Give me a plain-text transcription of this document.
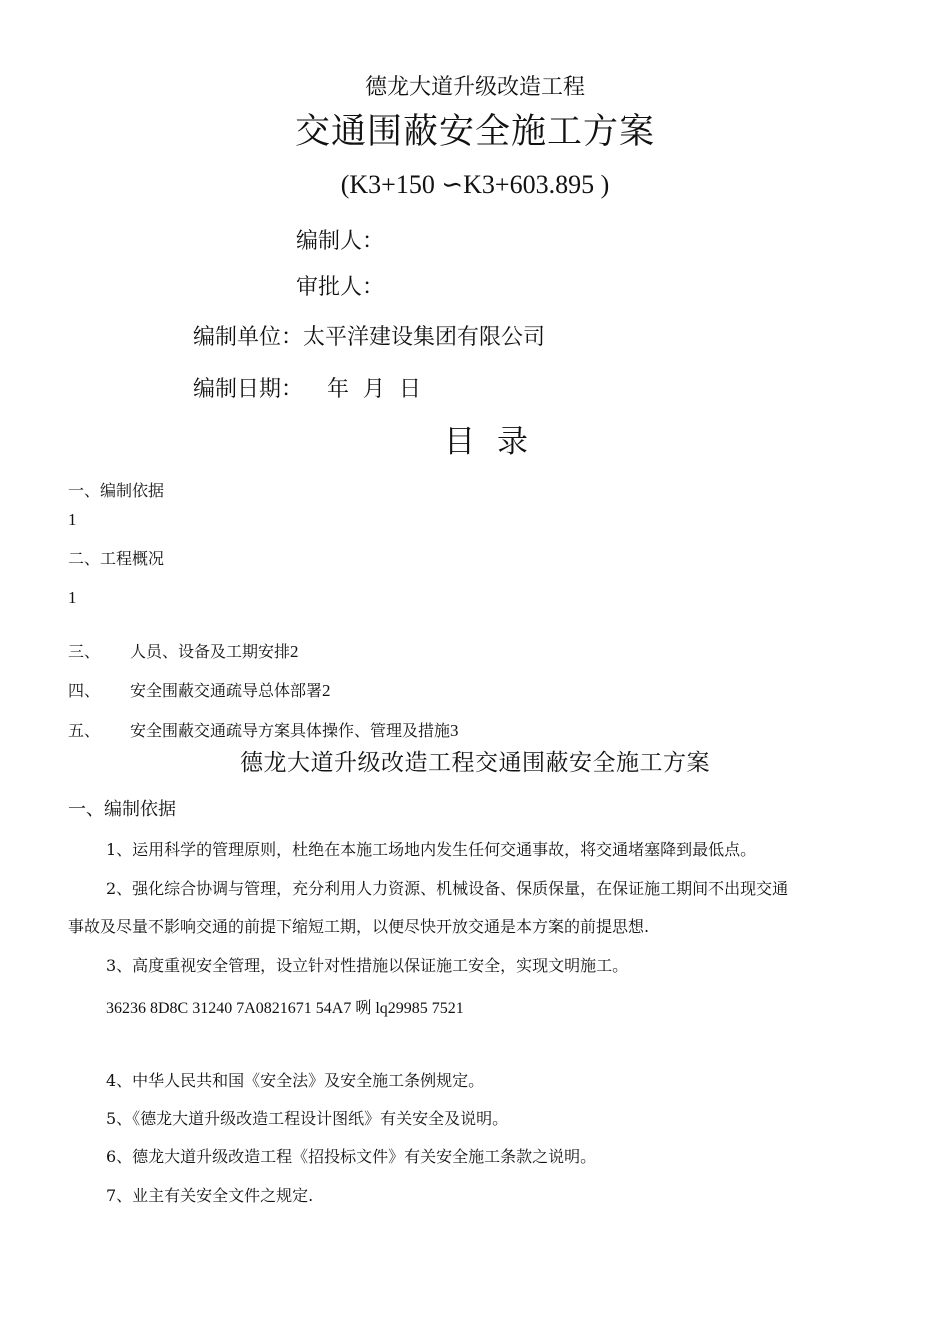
德龙大道升级改造工程
交通围蔽安全施工方案
(K3+150 ∽K3+603.895 )
编制人：
审批人：
编制单位：太平洋建设集团有限公司
编制日期： 年 月 日
目录
一、编制依据
1
二、工程概况
1
三、 人员、设备及工期安排2
四、 安全围蔽交通疏导总体部署2
五、 安全围蔽交通疏导方案具体操作、管理及措施3
德龙大道升级改造工程交通围蔽安全施工方案
一、编制依据
1、运用科学的管理原则，杜绝在本施工场地内发生任何交通事故，将交通堵塞降到最低点。
2、强化综合协调与管理，充分利用人力资源、机械设备、保质保量，在保证施工期间不出现交通
事故及尽量不影响交通的前提下缩短工期，以便尽快开放交通是本方案的前提思想.
3、高度重视安全管理，设立针对性措施以保证施工安全，实现文明施工。
36236 8D8C 31240 7A0821671 54A7 咧 lq29985 7521
4、中华人民共和国《安全法》及安全施工条例规定。
5、《德龙大道升级改造工程设计图纸》有关安全及说明。
6、德龙大道升级改造工程《招投标文件》有关安全施工条款之说明。
7、业主有关安全文件之规定.
